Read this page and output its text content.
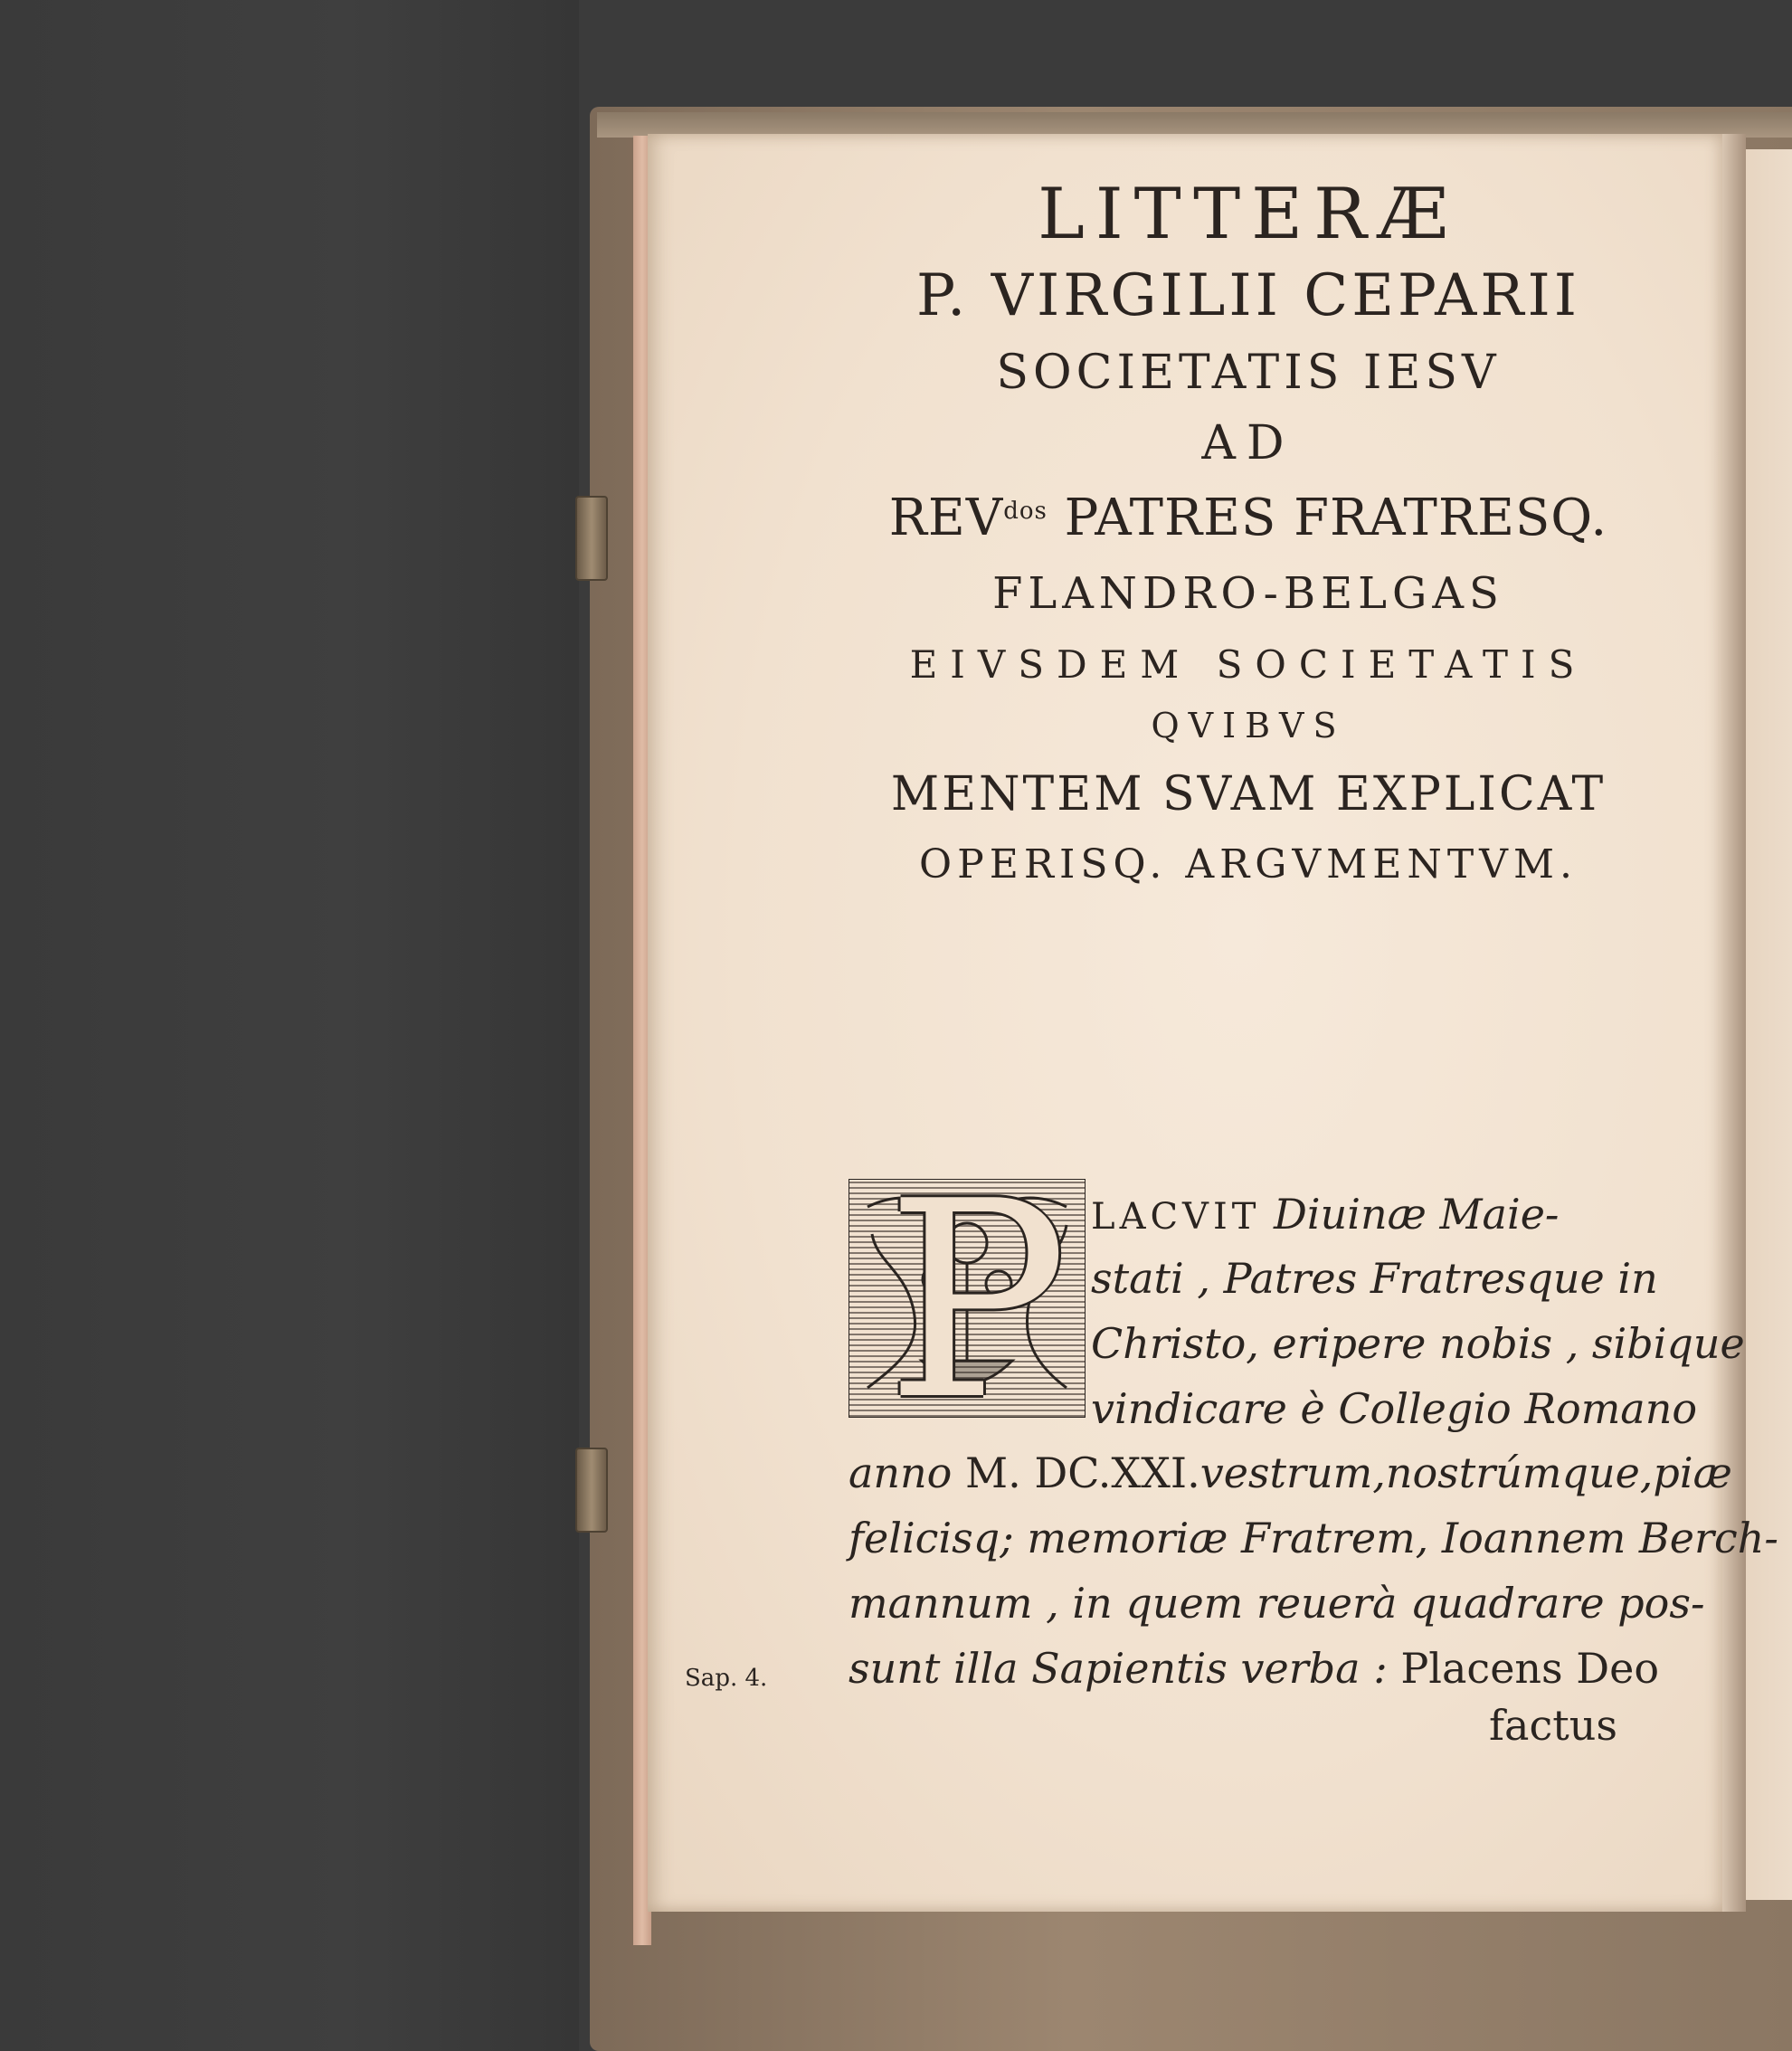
LITTERÆ
P. VIRGILII CEPARII
SOCIETATIS IESV
AD
$REV^{dos}$ PATRES FRATRESQ.
FLANDRO-BELGAS
EIVSDEM SOCIETATIS
QVIBVS
MENTEM SVAM EXPLICAT
OPERISQ. ARGVMENTVM.
P LACVIT Diuinæ Maie-
stati , Patres Fratresque in
Christo, eripere nobis , sibique
vindicare è Collegio Romano
anno M. DC.XXI.vestrum,nostrúmque,piæ
felicisq; memoriæ Fratrem, Ioannem Berch-
mannum , in quem reuerà quadrare pos-
sunt illa Sapientis verba : Placens Deo
factus
Sap. 4.
